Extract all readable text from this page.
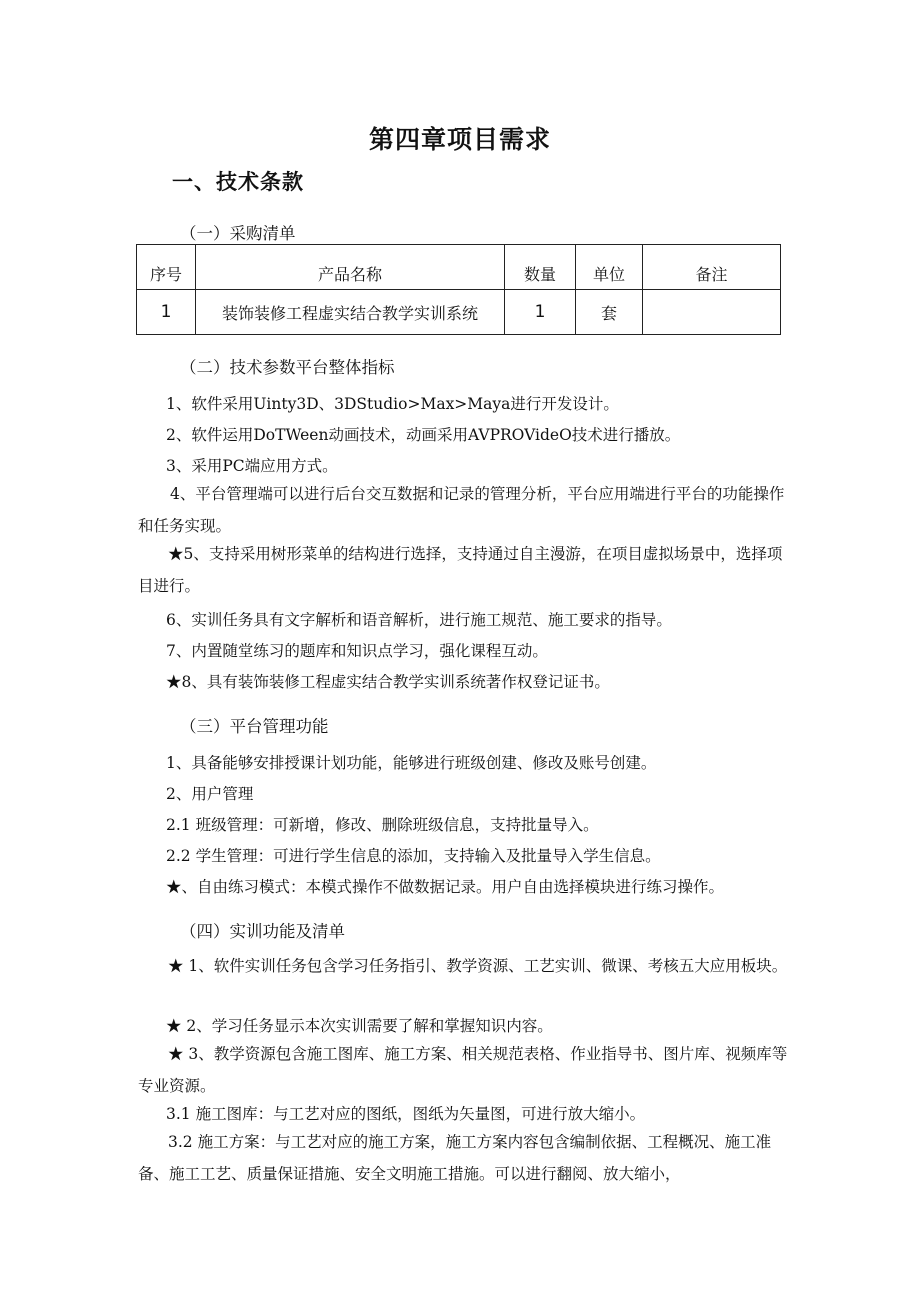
第四章项目需求
一、技术条款
（一）采购清单
序号	产品名称	数量	单位	备注
1	装饰装修工程虚实结合教学实训系统	1	套	
（二）技术参数平台整体指标
1、软件采用Uinty3D、3DStudio>Max>Maya进行开发设计。
2、软件运用DoTWeen动画技术，动画采用AVPROVideO技术进行播放。
3、采用PC端应用方式。

4、平台管理端可以进行后台交互数据和记录的管理分析，平台应用端进行平台的功能操作和任务实现。

★5、支持采用树形菜单的结构进行选择，支持通过自主漫游，在项目虚拟场景中，选择项目进行。

6、实训任务具有文字解析和语音解析，进行施工规范、施工要求的指导。
7、内置随堂练习的题库和知识点学习，强化课程互动。
★8、具有装饰装修工程虚实结合教学实训系统著作权登记证书。
（三）平台管理功能
1、具备能够安排授课计划功能，能够进行班级创建、修改及账号创建。
2、用户管理
2.1 班级管理：可新增，修改、删除班级信息，支持批量导入。
2.2 学生管理：可进行学生信息的添加，支持输入及批量导入学生信息。
★、自由练习模式：本模式操作不做数据记录。用户自由选择模块进行练习操作。
（四）实训功能及清单

★ 1、软件实训任务包含学习任务指引、教学资源、工艺实训、微课、考核五大应用板块。

★ 2、学习任务显示本次实训需要了解和掌握知识内容。

★ 3、教学资源包含施工图库、施工方案、相关规范表格、作业指导书、图片库、视频库等专业资源。

3.1 施工图库：与工艺对应的图纸，图纸为矢量图，可进行放大缩小。

3.2 施工方案：与工艺对应的施工方案，施工方案内容包含编制依据、工程概况、施工准备、施工工艺、质量保证措施、安全文明施工措施。可以进行翻阅、放大缩小，
